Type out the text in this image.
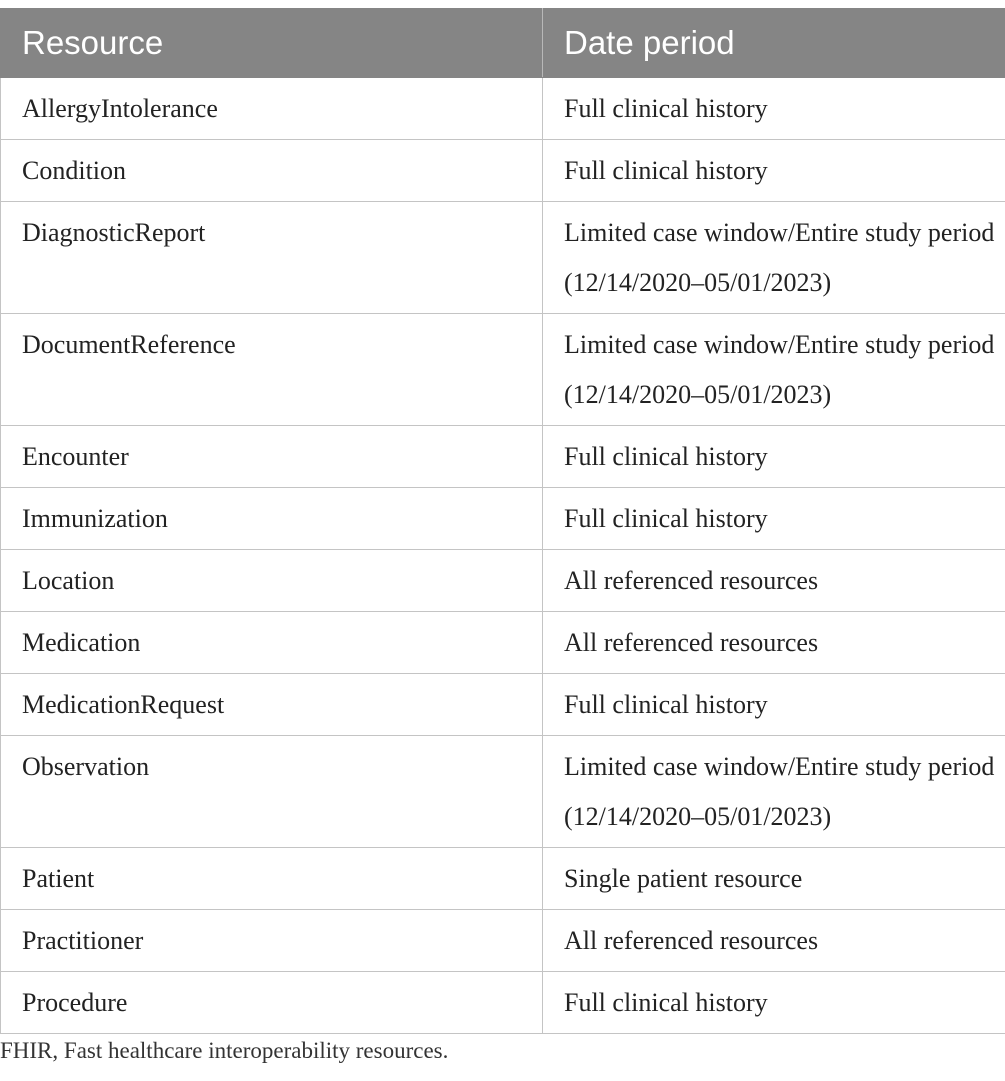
Resource	Date period
AllergyIntolerance	Full clinical history
Condition	Full clinical history
DiagnosticReport	Limited case window/Entire study period (12/14/2020–05/01/2023)
DocumentReference	Limited case window/Entire study period (12/14/2020–05/01/2023)
Encounter	Full clinical history
Immunization	Full clinical history
Location	All referenced resources
Medication	All referenced resources
MedicationRequest	Full clinical history
Observation	Limited case window/Entire study period (12/14/2020–05/01/2023)
Patient	Single patient resource
Practitioner	All referenced resources
Procedure	Full clinical history

FHIR, Fast healthcare interoperability resources.
